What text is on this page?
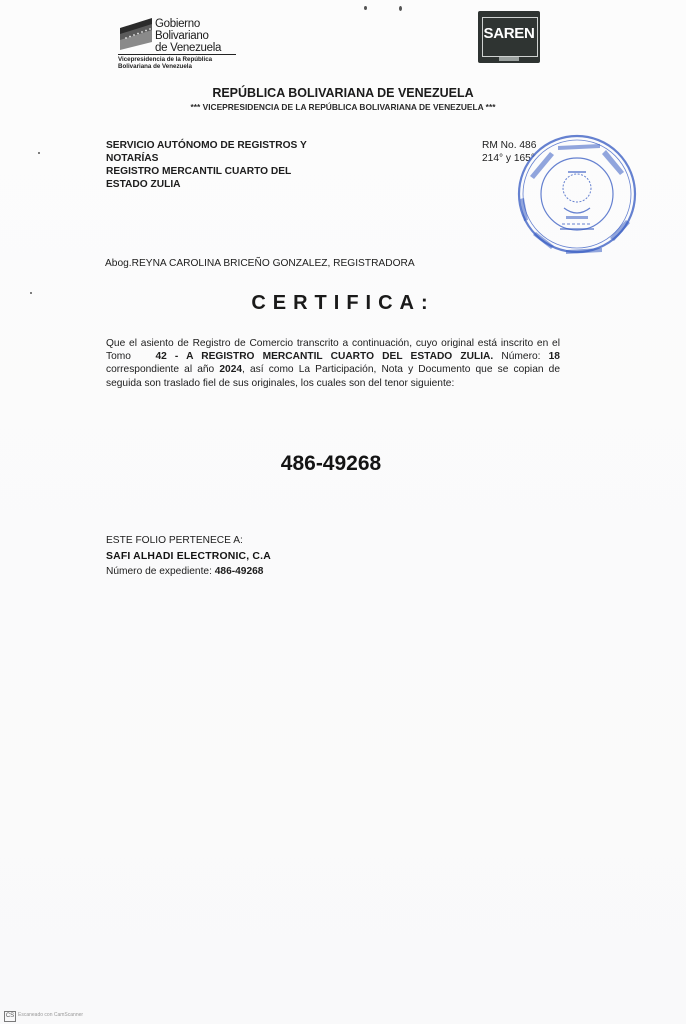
Gobierno
Bolivariano
de Venezuela
Vicepresidencia de la República
Bolivariana de Venezuela
SAREN
REPÚBLICA BOLIVARIANA DE VENEZUELA
*** VICEPRESIDENCIA DE LA REPÚBLICA BOLIVARIANA DE VENEZUELA ***
SERVICIO AUTÓNOMO DE REGISTROS Y
NOTARÍAS
REGISTRO MERCANTIL CUARTO DEL
ESTADO ZULIA
RM No. 486
214° y 165°
Abog.REYNA CAROLINA BRICEÑO GONZALEZ, REGISTRADORA
CERTIFICA:
Que el asiento de Registro de Comercio transcrito a continuación, cuyo original está inscrito en el Tomo 42 - A REGISTRO MERCANTIL CUARTO DEL ESTADO ZULIA. Número: 18 correspondiente al año 2024, así como La Participación, Nota y Documento que se copian de seguida son traslado fiel de sus originales, los cuales son del tenor siguiente:
486-49268
ESTE FOLIO PERTENECE A:
SAFI ALHADI ELECTRONIC, C.A
Número de expediente: 486-49268
CS Escaneado con CamScanner
